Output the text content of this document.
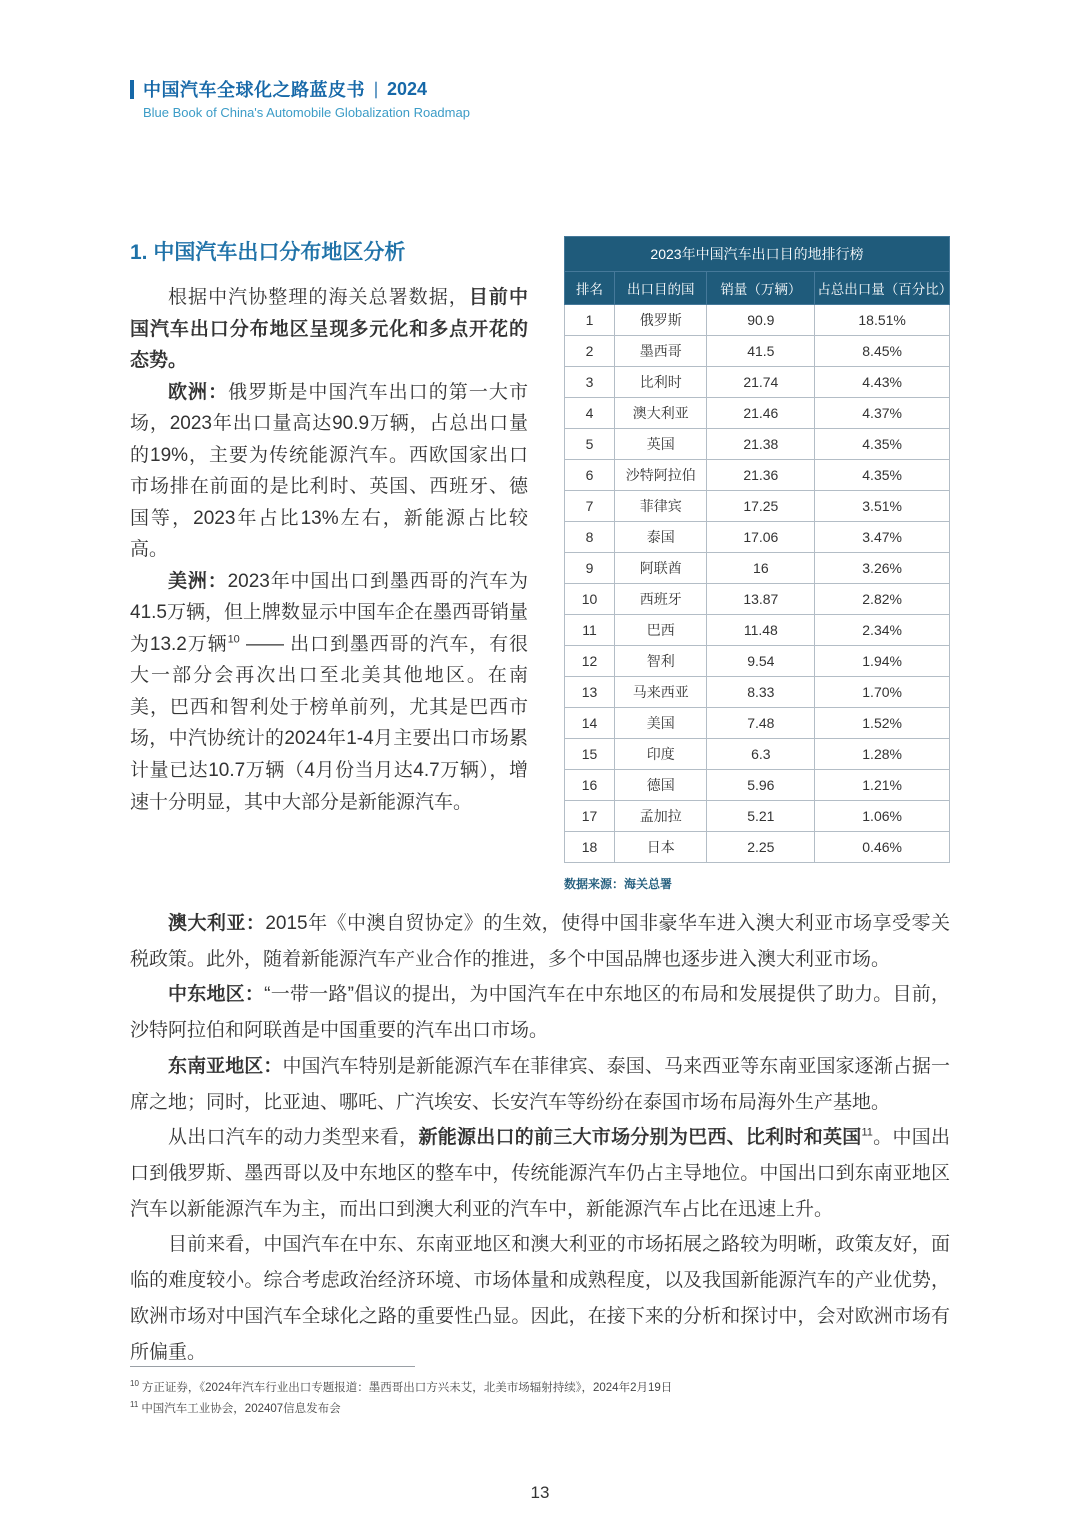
中国汽车全球化之路蓝皮书 ｜ 2024
Blue Book of China's Automobile Globalization Roadmap
1. 中国汽车出口分布地区分析

根据中汽协整理的海关总署数据，目前中国汽车出口分布地区呈现多元化和多点开花的态势。

欧洲：俄罗斯是中国汽车出口的第一大市场，2023年出口量高达90.9万辆，占总出口量的19%，主要为传统能源汽车。西欧国家出口市场排在前面的是比利时、英国、西班牙、德国等，2023年占比13%左右，新能源占比较高。

美洲：2023年中国出口到墨西哥的汽车为41.5万辆，但上牌数显示中国车企在墨西哥销量为13.2万辆$^{10}$ —— 出口到墨西哥的汽车，有很大一部分会再次出口至北美其他地区。在南美，巴西和智利处于榜单前列，尤其是巴西市场，中汽协统计的2024年1-4月主要出口市场累计量已达10.7万辆（4月份当月达4.7万辆），增速十分明显，其中大部分是新能源汽车。

2023年中国汽车出口目的地排行榜			
排名	出口目的国	销量（万辆）	占总出口量（百分比）
1	俄罗斯	90.9	18.51%
2	墨西哥	41.5	8.45%
3	比利时	21.74	4.43%
4	澳大利亚	21.46	4.37%
5	英国	21.38	4.35%
6	沙特阿拉伯	21.36	4.35%
7	菲律宾	17.25	3.51%
8	泰国	17.06	3.47%
9	阿联酋	16	3.26%
10	西班牙	13.87	2.82%
11	巴西	11.48	2.34%
12	智利	9.54	1.94%
13	马来西亚	8.33	1.70%
14	美国	7.48	1.52%
15	印度	6.3	1.28%
16	德国	5.96	1.21%
17	孟加拉	5.21	1.06%
18	日本	2.25	0.46%
数据来源：海关总署

澳大利亚：2015年《中澳自贸协定》的生效，使得中国非豪华车进入澳大利亚市场享受零关税政策。此外，随着新能源汽车产业合作的推进，多个中国品牌也逐步进入澳大利亚市场。

中东地区：“一带一路”倡议的提出，为中国汽车在中东地区的布局和发展提供了助力。目前，沙特阿拉伯和阿联酋是中国重要的汽车出口市场。

东南亚地区：中国汽车特别是新能源汽车在菲律宾、泰国、马来西亚等东南亚国家逐渐占据一席之地；同时，比亚迪、哪吒、广汽埃安、长安汽车等纷纷在泰国市场布局海外生产基地。

从出口汽车的动力类型来看，新能源出口的前三大市场分别为巴西、比利时和英国$^{11}$。中国出口到俄罗斯、墨西哥以及中东地区的整车中，传统能源汽车仍占主导地位。中国出口到东南亚地区汽车以新能源汽车为主，而出口到澳大利亚的汽车中，新能源汽车占比在迅速上升。

目前来看，中国汽车在中东、东南亚地区和澳大利亚的市场拓展之路较为明晰，政策友好，面临的难度较小。综合考虑政治经济环境、市场体量和成熟程度，以及我国新能源汽车的产业优势，欧洲市场对中国汽车全球化之路的重要性凸显。因此，在接下来的分析和探讨中，会对欧洲市场有所偏重。

$^{10}$ 方正证券，《2024年汽车行业出口专题报道：墨西哥出口方兴未艾，北美市场辐射持续》，2024年2月19日
$^{11}$ 中国汽车工业协会，202407信息发布会
13
